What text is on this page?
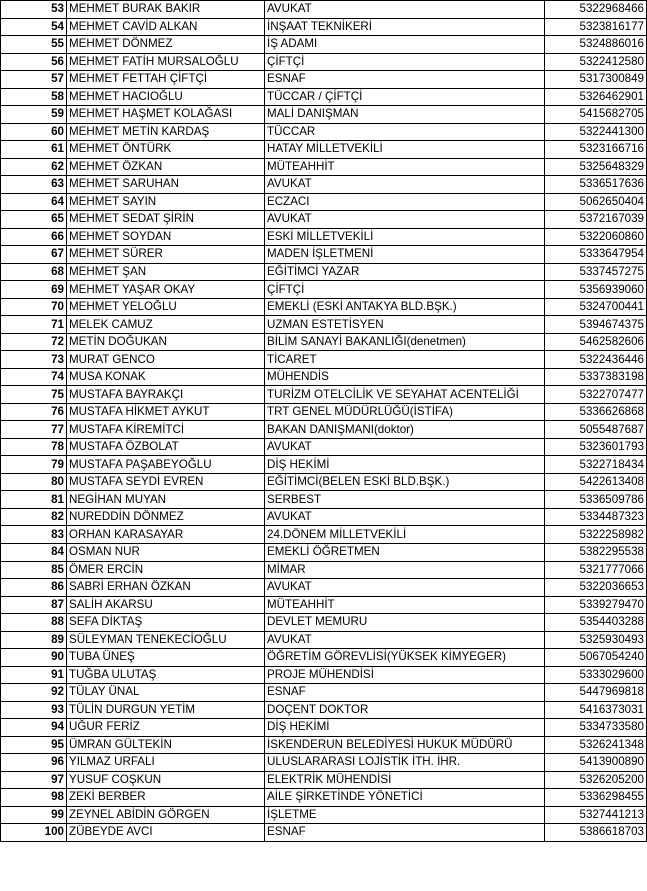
53	MEHMET BURAK BAKIR	AVUKAT	5322968466
54	MEHMET CAVİD ALKAN	İNŞAAT TEKNİKERİ	5323816177
55	MEHMET DÖNMEZ	İŞ ADAMI	5324886016
56	MEHMET FATİH MURSALOĞLU	ÇİFTÇİ	5322412580
57	MEHMET FETTAH ÇİFTÇİ	ESNAF	5317300849
58	MEHMET HACIOĞLU	TÜCCAR / ÇİFTÇİ	5326462901
59	MEHMET HAŞMET KOLAĞASI	MALİ DANIŞMAN	5415682705
60	MEHMET METİN KARDAŞ	TÜCCAR	5322441300
61	MEHMET ÖNTÜRK	HATAY MİLLETVEKİLİ	5323166716
62	MEHMET ÖZKAN	MÜTEAHHİT	5325648329
63	MEHMET SARUHAN	AVUKAT	5336517636
64	MEHMET SAYIN	ECZACI	5062650404
65	MEHMET SEDAT ŞİRİN	AVUKAT	5372167039
66	MEHMET SOYDAN	ESKİ MİLLETVEKİLİ	5322060860
67	MEHMET SÜRER	MADEN İŞLETMENİ	5333647954
68	MEHMET ŞAN	EĞİTİMCİ YAZAR	5337457275
69	MEHMET YAŞAR OKAY	ÇİFTÇİ	5356939060
70	MEHMET YELOĞLU	EMEKLİ (ESKİ ANTAKYA BLD.BŞK.)	5324700441
71	MELEK CAMUZ	UZMAN ESTETİSYEN	5394674375
72	METİN DOĞUKAN	BİLİM SANAYİ BAKANLIĞI(denetmen)	5462582606
73	MURAT GENCO	TİCARET	5322436446
74	MUSA KONAK	MÜHENDİS	5337383198
75	MUSTAFA BAYRAKÇI	TURİZM OTELCİLİK VE SEYAHAT ACENTELİĞİ	5322707477
76	MUSTAFA HİKMET AYKUT	TRT GENEL MÜDÜRLÜĞÜ(İSTİFA)	5336626868
77	MUSTAFA KİREMİTCİ	BAKAN DANIŞMANI(doktor)	5055487687
78	MUSTAFA ÖZBOLAT	AVUKAT	5323601793
79	MUSTAFA PAŞABEYOĞLU	DİŞ HEKİMİ	5322718434
80	MUSTAFA SEYDİ EVREN	EĞİTİMCİ(BELEN ESKİ BLD.BŞK.)	5422613408
81	NEGİHAN MUYAN	SERBEST	5336509786
82	NUREDDİN DÖNMEZ	AVUKAT	5334487323
83	ORHAN KARASAYAR	24.DÖNEM MİLLETVEKİLİ	5322258982
84	OSMAN NUR	EMEKLİ ÖĞRETMEN	5382295538
85	ÖMER ERCİN	MİMAR	5321777066
86	SABRİ ERHAN ÖZKAN	AVUKAT	5322036653
87	SALİH AKARSU	MÜTEAHHİT	5339279470
88	SEFA DİKTAŞ	DEVLET MEMURU	5354403288
89	SÜLEYMAN TENEKECİOĞLU	AVUKAT	5325930493
90	TUBA ÜNEŞ	ÖĞRETİM GÖREVLİSİ(YÜKSEK KİMYEGER)	5067054240
91	TUĞBA ULUTAŞ	PROJE MÜHENDİSİ	5333029600
92	TÜLAY ÜNAL	ESNAF	5447969818
93	TÜLİN DURGUN YETİM	DOÇENT DOKTOR	5416373031
94	UĞUR FERİZ	DİŞ HEKİMİ	5334733580
95	ÜMRAN GÜLTEKİN	İSKENDERUN BELEDİYESİ HUKUK MÜDÜRÜ	5326241348
96	YILMAZ URFALI	ULUSLARARASI LOJİSTİK İTH. İHR.	5413900890
97	YUSUF COŞKUN	ELEKTRİK MÜHENDİSİ	5326205200
98	ZEKİ BERBER	AİLE ŞİRKETİNDE YÖNETİCİ	5336298455
99	ZEYNEL ABİDİN GÖRGEN	İŞLETME	5327441213
100	ZÜBEYDE AVCI	ESNAF	5386618703
